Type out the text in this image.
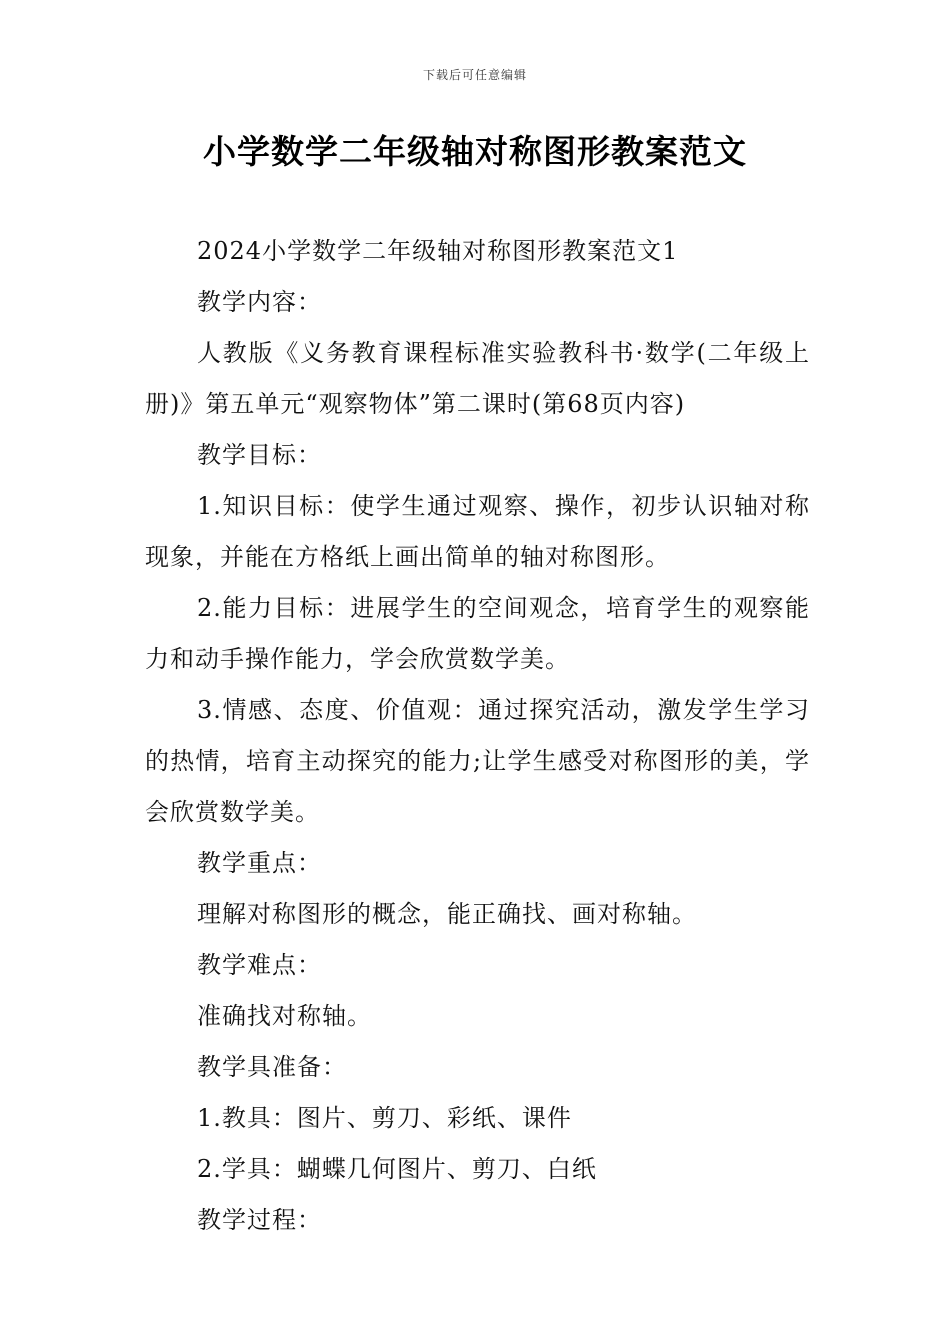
下载后可任意编辑
小学数学二年级轴对称图形教案范文

2024小学数学二年级轴对称图形教案范文1

教学内容：

人教版《义务教育课程标准实验教科书·数学(二年级上册)》第五单元“观察物体”第二课时(第68页内容)

教学目标：

1.知识目标：使学生通过观察、操作，初步认识轴对称现象，并能在方格纸上画出简单的轴对称图形。

2.能力目标：进展学生的空间观念，培育学生的观察能力和动手操作能力，学会欣赏数学美。

3.情感、态度、价值观：通过探究活动，激发学生学习的热情，培育主动探究的能力;让学生感受对称图形的美，学会欣赏数学美。

教学重点：

理解对称图形的概念，能正确找、画对称轴。

教学难点：

准确找对称轴。

教学具准备：

1.教具：图片、剪刀、彩纸、课件

2.学具：蝴蝶几何图片、剪刀、白纸

教学过程：
